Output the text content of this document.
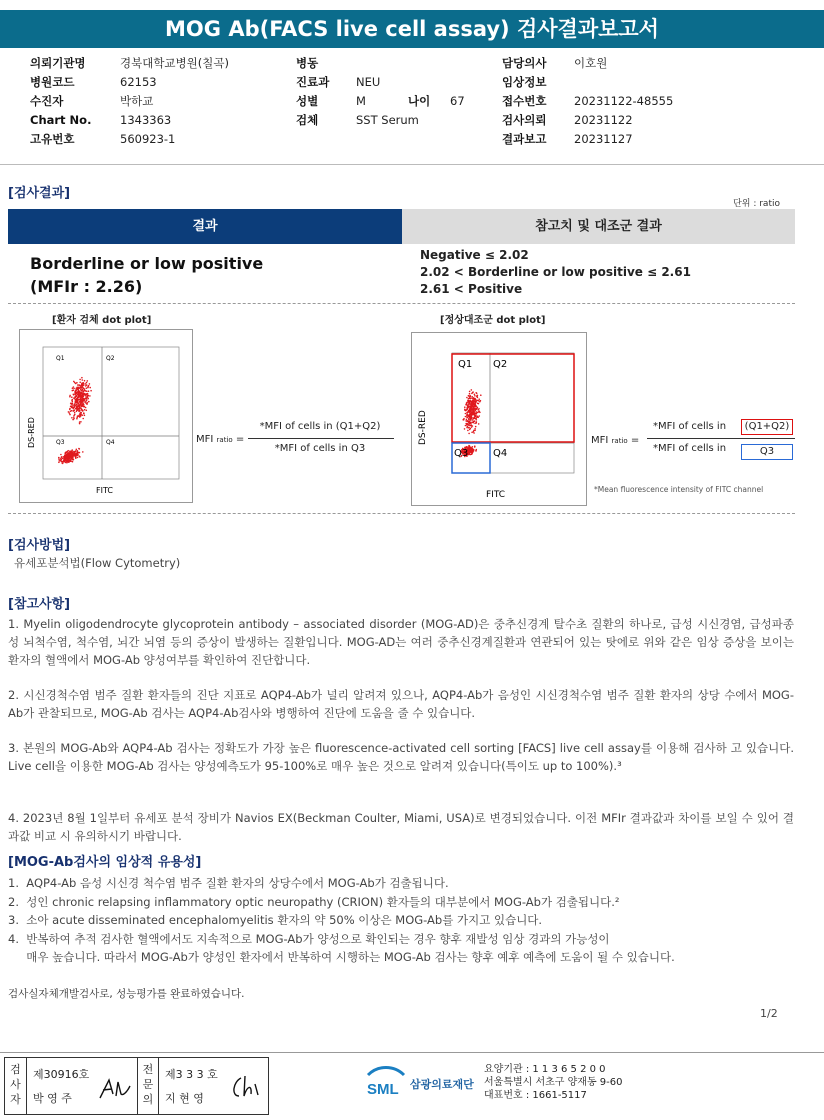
MOG Ab(FACS live cell assay) 검사결과보고서
의뢰기관명	경북대학교병원(칠곡)
병원코드	62153
수진자	박하교
Chart No. 1343363
고유번호	560923-1
병동
진료과 NEU
성별	M	나이 67
검체	SST Serum
담당의사 이호원
임상정보
접수번호 20231122-48555
검사의뢰 20231122
결과보고 20231127
[검사결과]
단위 : ratio
결과	참고치 및 대조군 결과
Borderline or low positive
(MFIr : 2.26)
Negative ≤ 2.02
2.02 < Borderline or low positive ≤ 2.61
2.61 < Positive
[환자 검체 dot plot]
Q1	Q2
Q3	Q4
DS-RED
FITC
MFI ratio =
*MFI of cells in (Q1+Q2)
*MFI of cells in Q3
[정상대조군 dot plot]
Q1 Q2
Q3 Q4
DS-RED
FITC
MFI ratio =
*MFI of cells in	(Q1+Q2)
*MFI of cells in	Q3
*Mean fluorescence intensity of FITC channel
[검사방법]
유세포분석법(Flow Cytometry)
[참고사항]
1. Myelin oligodendrocyte glycoprotein antibody – associated disorder (MOG-AD)은 중추신경계 탈수초 질환의 하나로, 급성 시신경염, 급성파종성 뇌척수염, 척수염, 뇌간 뇌염 등의 증상이 발생하는 질환입니다. MOG-AD는 여러 중추신경계질환과 연관되어 있는 탓에로 위와 같은 임상 증상을 보이는 환자의 혈액에서 MOG-Ab 양성여부를 확인하여 진단합니다.
2. 시신경척수염 범주 질환 환자들의 진단 지표로 AQP4-Ab가 널리 알려져 있으나, AQP4-Ab가 음성인 시신경척수염 범주 질환 환자의 상당 수에서 MOG-Ab가 관찰되므로, MOG-Ab 검사는 AQP4-Ab검사와 병행하여 진단에 도움을 줄 수 있습니다.
3. 본원의 MOG-Ab와 AQP4-Ab 검사는 정확도가 가장 높은 fluorescence-activated cell sorting [FACS] live cell assay를 이용해 검사하 고 있습니다. Live cell을 이용한 MOG-Ab 검사는 양성예측도가 95-100%로 매우 높은 것으로 알려져 있습니다(특이도 up to 100%).³
4. 2023년 8월 1일부터 유세포 분석 장비가 Navios EX(Beckman Coulter, Miami, USA)로 변경되었습니다. 이전 MFIr 결과값과 차이를 보일 수 있어 결과값 비교 시 유의하시기 바랍니다.
[MOG-Ab검사의 임상적 유용성]
1.  AQP4-Ab 음성 시신경 척수염 범주 질환 환자의 상당수에서 MOG-Ab가 검출됩니다.
2.  성인 chronic relapsing inflammatory optic neuropathy (CRION) 환자들의 대부분에서 MOG-Ab가 검출됩니다.²
3.  소아 acute disseminated encephalomyelitis 환자의 약 50% 이상은 MOG-Ab를 가지고 있습니다.
4.  반복하여 추적 검사한 혈액에서도 지속적으로 MOG-Ab가 양성으로 확인되는 경우 향후 재발성 임상 경과의 가능성이
매우 높습니다. 따라서 MOG-Ab가 양성인 환자에서 반복하여 시행하는 MOG-Ab 검사는 향후 예후 예측에 도움이 될 수 있습니다.
검사실자체개발검사로, 성능평가를 완료하였습니다.
1/2
검
사
자
제30916호
박 영 주
전
문
의
제3 3 3 호
지 현 영
SML 삼광의료재단
요양기관 : 1 1 3 6 5 2 0 0
서울특별시 서초구 양재동 9-60
대표번호 : 1661-5117
